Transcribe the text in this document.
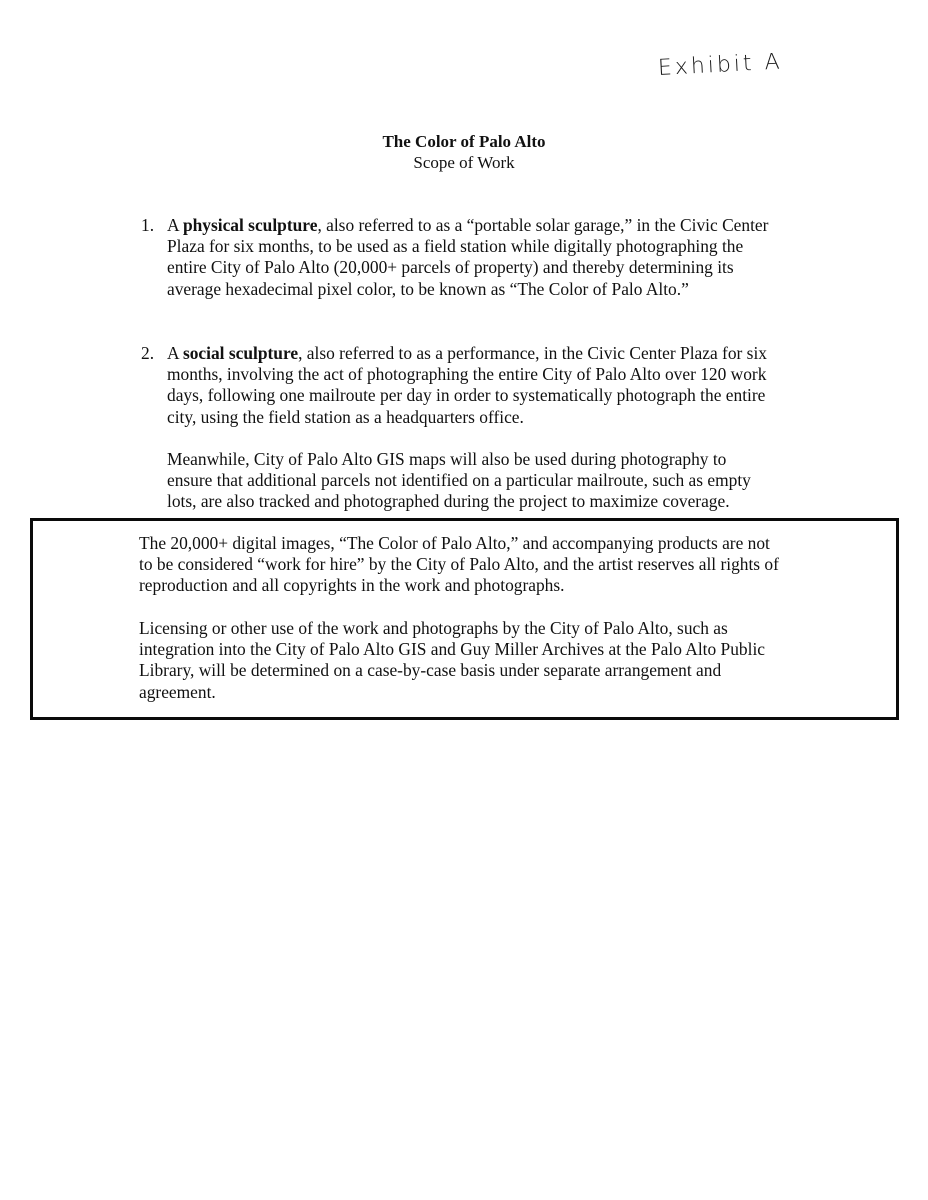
Exhibit A
The Color of Palo Alto
Scope of Work
1. A physical sculpture, also referred to as a “portable solar garage,” in the Civic Center Plaza for six months, to be used as a field station while digitally photographing the entire City of Palo Alto (20,000+ parcels of property) and thereby determining its average hexadecimal pixel color, to be known as “The Color of Palo Alto.”

2. A social sculpture, also referred to as a performance, in the Civic Center Plaza for six months, involving the act of photographing the entire City of Palo Alto over 120 work days, following one mailroute per day in order to systematically photograph the entire city, using the field station as a headquarters office.

Meanwhile, City of Palo Alto GIS maps will also be used during photography to ensure that additional parcels not identified on a particular mailroute, such as empty lots, are also tracked and photographed during the project to maximize coverage.

The 20,000+ digital images, “The Color of Palo Alto,” and accompanying products are not to be considered “work for hire” by the City of Palo Alto, and the artist reserves all rights of reproduction and all copyrights in the work and photographs.

Licensing or other use of the work and photographs by the City of Palo Alto, such as integration into the City of Palo Alto GIS and Guy Miller Archives at the Palo Alto Public Library, will be determined on a case-by-case basis under separate arrangement and agreement.
